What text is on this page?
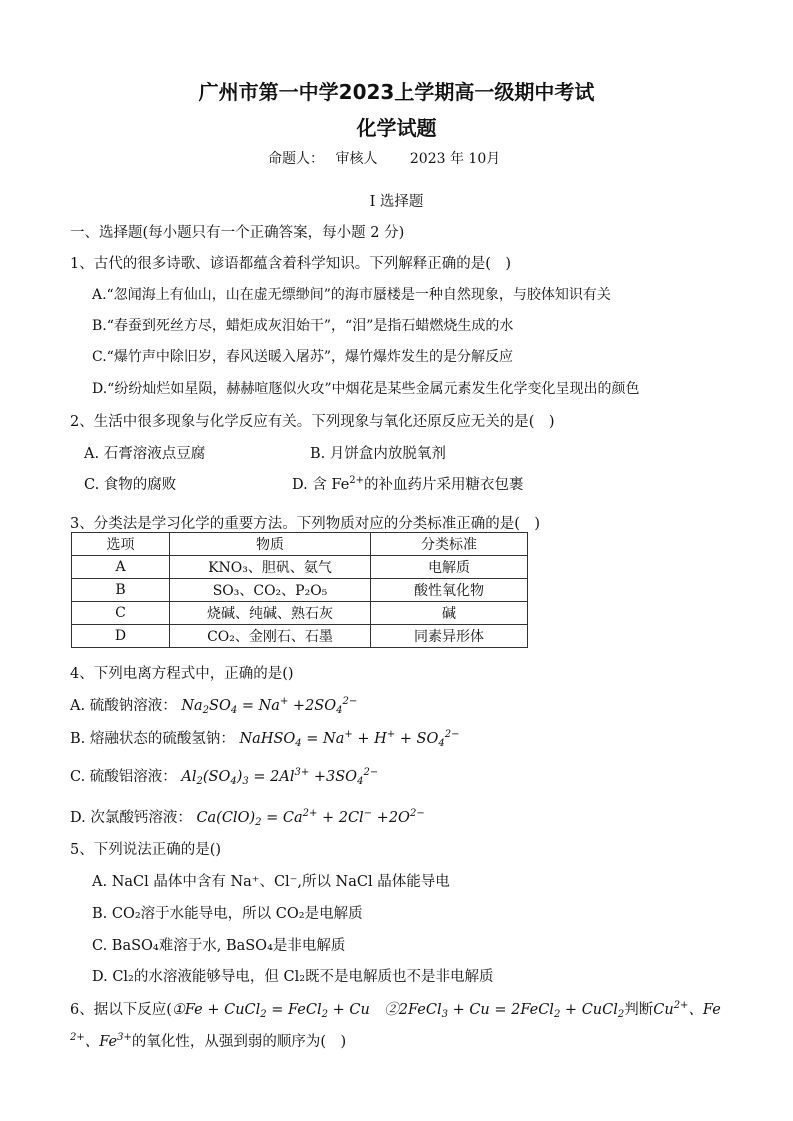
广州市第一中学2023上学期高一级期中考试
化学试题
命题人：　 审核人　　 2023 年 10月
I 选择题
一、选择题(每小题只有一个正确答案，每小题 2 分)
1、古代的很多诗歌、谚语都蕴含着科学知识。下列解释正确的是(　)
A.“忽闻海上有仙山，山在虚无缥缈间”的海市蜃楼是一种自然现象，与胶体知识有关
B.“春蚕到死丝方尽，蜡炬成灰泪始干”，“泪”是指石蜡燃烧生成的水
C.“爆竹声中除旧岁，春风送暖入屠苏”，爆竹爆炸发生的是分解反应
D.“纷纷灿烂如星陨，赫赫喧豗似火攻”中烟花是某些金属元素发生化学变化呈现出的颜色
2、生活中很多现象与化学反应有关。下列现象与氧化还原反应无关的是(　)
A. 石膏溶液点豆腐	B. 月饼盒内放脱氧剂
C. 食物的腐败	D. 含 $Fe^{2+}$的补血药片采用糖衣包裹
3、分类法是学习化学的重要方法。下列物质对应的分类标准正确的是(　)
选项	物质	分类标准
A	KNO₃、胆矾、氨气	电解质
B	SO₃、CO₂、P₂O₅	酸性氧化物
C	烧碱、纯碱、熟石灰	碱
D	CO₂、金刚石、石墨	同素异形体
4、下列电离方程式中，正确的是()
A. 硫酸钠溶液： $Na_2SO_4 = Na^+ +2SO_4^{2-}$
B. 熔融状态的硫酸氢钠： NaHSO$_4$ = $Na^+ + H^+ + SO_4^{2-}$
C. 硫酸铝溶液： $Al_2(SO_4)_3 = 2Al^{3+} +3SO_4^{2-}$
D. 次氯酸钙溶液： $Ca(ClO)_2 = Ca^{2+} + 2Cl^- +2O^{2-}$
5、下列说法正确的是()
A. NaCl 晶体中含有 Na⁺、Cl⁻,所以 NaCl 晶体能导电
B. CO₂溶于水能导电，所以 CO₂是电解质
C. BaSO₄难溶于水, BaSO₄是非电解质
D. Cl₂的水溶液能够导电，但 Cl₂既不是电解质也不是非电解质
6、据以下反应(①Fe + CuCl$_2$ = FeCl$_2$ + Cu　②2FeCl$_3$ + Cu = 2FeCl$_2$ + CuCl$_2$判断$Cu^{2+}$、Fe
$^{2+}$、$Fe^{3+}$的氧化性，从强到弱的顺序为(　)
